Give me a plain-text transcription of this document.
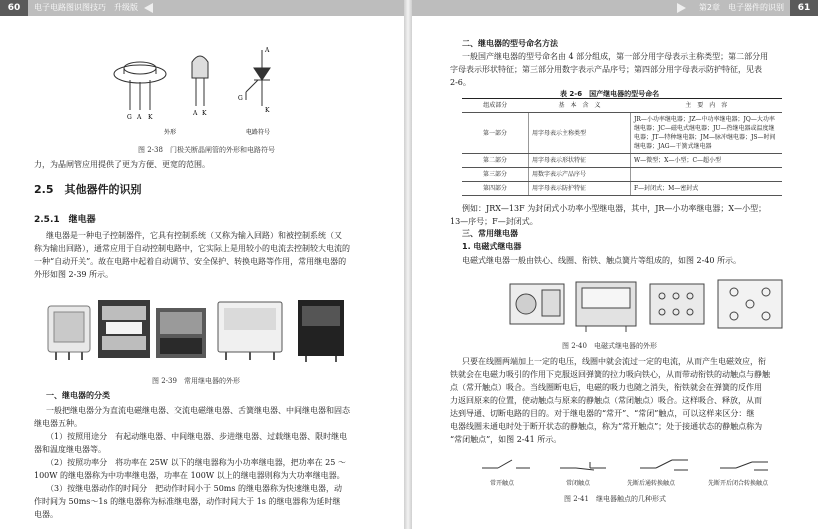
60	电子电路图识图技巧　升级版
G A K
A K	K
A
G
外形	电路符号
图 2-38　门极关断晶闸管的外形和电路符号
力，为晶闸管应用提供了更为方便、更宽的范围。
2.5　其他器件的识别
2.5.1　继电器
继电器是一种电子控制器件，它具有控制系统（又称为输入回路）和被控制系统（又
称为输出回路），通常应用于自动控制电路中，它实际上是用较小的电流去控制较大电流的
一种“自动开关”。故在电路中起着自动调节、安全保护、转换电路等作用，常用继电器的
外形如图 2-39 所示。
图 2-39　常用继电器的外形
一、继电器的分类
一般把继电器分为直流电磁继电器、交流电磁继电器、舌簧继电器、中间继电器和固态
继电器五种。
（1）按照用途分　有起动继电器、中间继电器、步进继电器、过载继电器、限时继电
器和温度继电器等。
（2）按照功率分　将功率在 25W 以下的继电器称为小功率继电器，把功率在 25 ～
100W 的继电器称为中功率继电器，功率在 100W 以上的继电器则称为大功率继电器。
（3）按继电器动作的时间分　把动作时间小于 50ms 的继电器称为快速继电器，动
作时间为 50ms～1s 的继电器称为标准继电器，动作时间大于 1s 的继电器称为延时继
电器。
第2章　电子器件的识别	61
二、继电器的型号命名方法
一般国产继电器的型号命名由 4 部分组成，第一部分用字母表示主称类型；第二部分用
字母表示形状特征；第三部分用数字表示产品序号；第四部分用字母表示防护特征，见表
2-6。
表 2-6　国产继电器的型号命名
组成部分	基　本　含　义	主　要　内　容
第一部分	用字母表示主称类型	JR—小功率继电器；JZ—中功率继电器；JQ—大功率继电器；JC—磁电式继电器；JU—热继电器或温度继电器；JT—特种继电器；JM—脉冲继电器；JS—时间继电器；JAG—干簧式继电器
第二部分	用字母表示形状特征	W—微型；X—小型；C—超小型
第三部分	用数字表示产品序号	
第四部分	用字母表示防护特征	F—封闭式；M—密封式
例如：JRX—13F 为封闭式小功率小型继电器，其中，JR—小功率继电器；X—小型；
13—序号；F—封闭式。
三、常用继电器
1. 电磁式继电器
电磁式继电器一般由铁心、线圈、衔铁、触点簧片等组成的，如图 2-40 所示。
图 2-40　电磁式继电器的外形
只要在线圈两端加上一定的电压，线圈中就会流过一定的电流，从而产生电磁效应，衔
铁就会在电磁力吸引的作用下克服返回弹簧的拉力吸向铁心，从而带动衔铁的动触点与静触
点（常开触点）吸合。当线圈断电后，电磁的吸力也随之消失，衔铁就会在弹簧的反作用
力返回原来的位置，使动触点与原来的静触点（常闭触点）吸合。这样吸合、释放，从而
达到导通、切断电路的目的。对于继电器的“常开”、“常闭”触点，可以这样来区分：继
电器线圈未通电时处于断开状态的静触点，称为“常开触点”；处于接通状态的静触点称为
“常闭触点”，如图 2-41 所示。
常开触点	常闭触点	先断后通转换触点	先断开后闭合转换触点
图 2-41　继电器触点的几种形式
